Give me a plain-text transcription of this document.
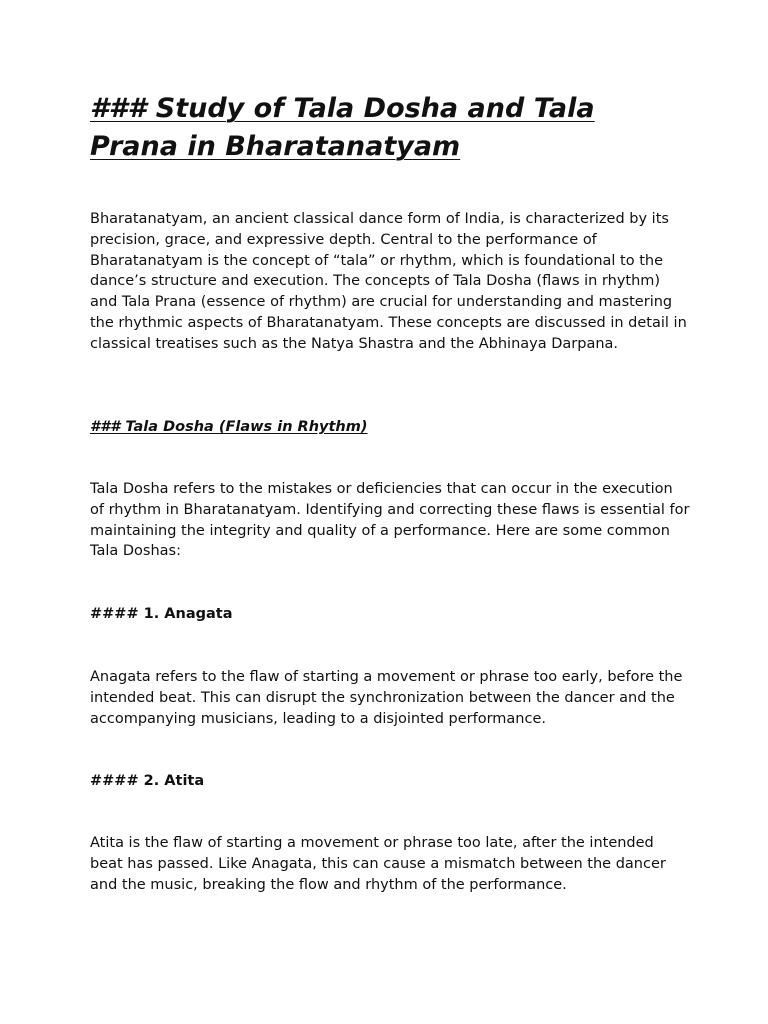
### Study of Tala Dosha and Tala
Prana in Bharatanatyam

Bharatanatyam, an ancient classical dance form of India, is characterized by its precision, grace, and expressive depth. Central to the performance of Bharatanatyam is the concept of “tala” or rhythm, which is foundational to the dance’s structure and execution. The concepts of Tala Dosha (flaws in rhythm) and Tala Prana (essence of rhythm) are crucial for understanding and mastering the rhythmic aspects of Bharatanatyam. These concepts are discussed in detail in classical treatises such as the Natya Shastra and the Abhinaya Darpana.

### Tala Dosha (Flaws in Rhythm)

Tala Dosha refers to the mistakes or deficiencies that can occur in the execution of rhythm in Bharatanatyam. Identifying and correcting these flaws is essential for maintaining the integrity and quality of a performance. Here are some common Tala Doshas:

#### 1. Anagata

Anagata refers to the flaw of starting a movement or phrase too early, before the intended beat. This can disrupt the synchronization between the dancer and the accompanying musicians, leading to a disjointed performance.

#### 2. Atita

Atita is the flaw of starting a movement or phrase too late, after the intended beat has passed. Like Anagata, this can cause a mismatch between the dancer and the music, breaking the flow and rhythm of the performance.
